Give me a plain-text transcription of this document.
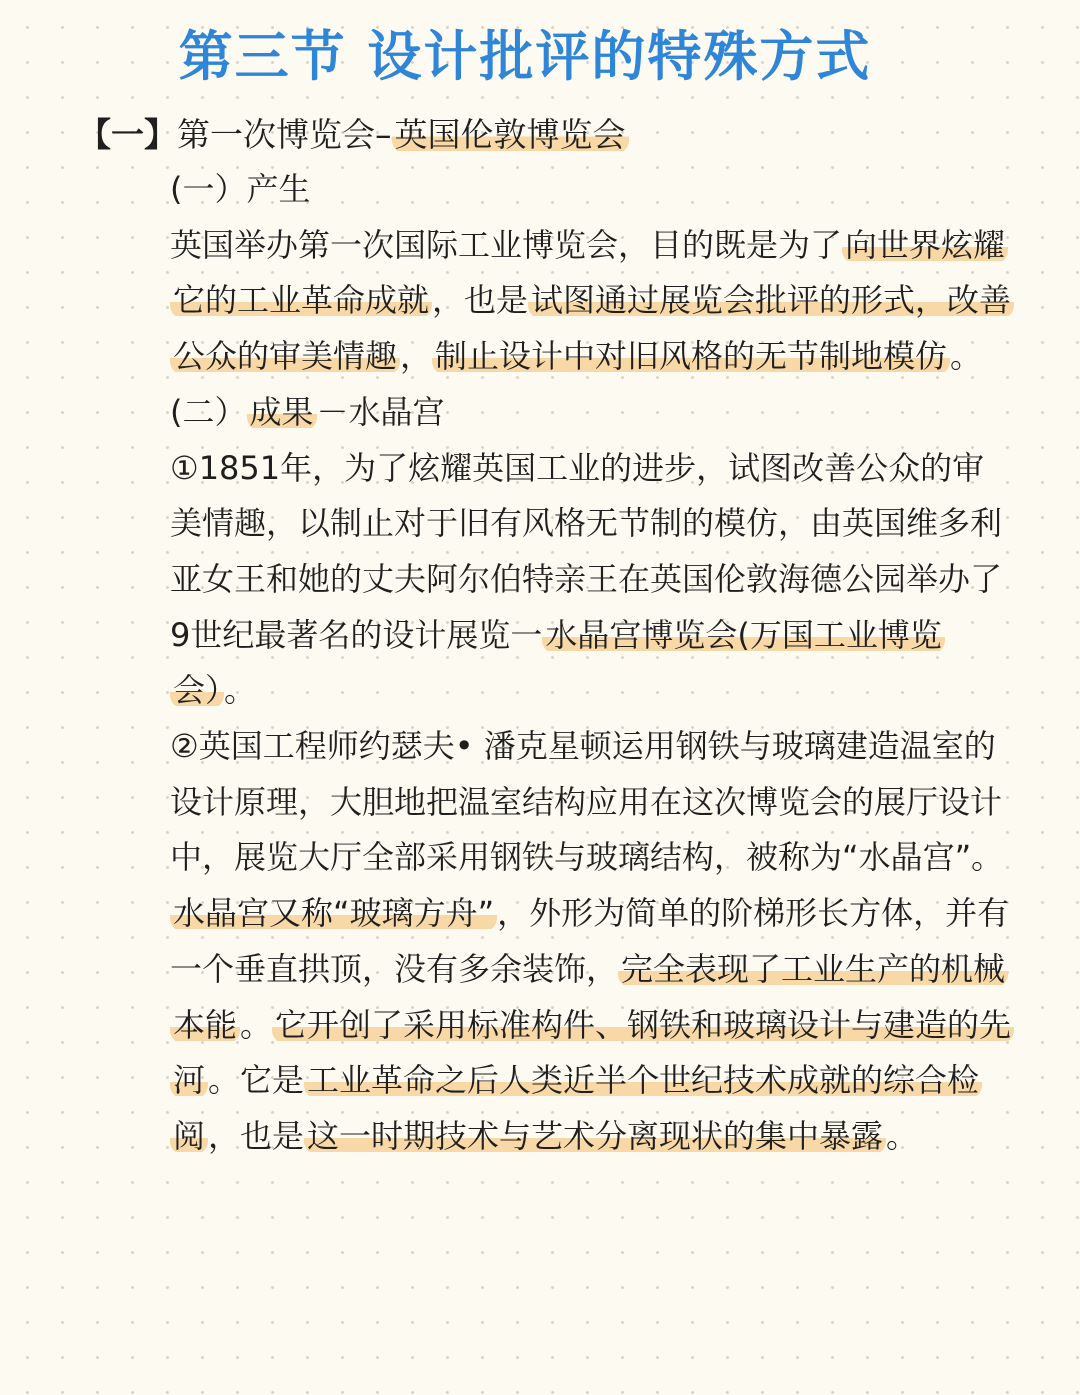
第三节 设计批评的特殊方式
【一】第一次博览会–英国伦敦博览会

(一）产生

英国举办第一次国际工业博览会，目的既是为了向世界炫耀它的工业革命成就，也是试图通过展览会批评的形式，改善公众的审美情趣，制止设计中对旧风格的无节制地模仿。

(二）成果－水晶宫

①1851年，为了炫耀英国工业的进步，试图改善公众的审美情趣，以制止对于旧有风格无节制的模仿，由英国维多利亚女王和她的丈夫阿尔伯特亲王在英国伦敦海德公园举办了9世纪最著名的设计展览一水晶宫博览会(万国工业博览会）。

②英国工程师约瑟夫• 潘克星顿运用钢铁与玻璃建造温室的设计原理，大胆地把温室结构应用在这次博览会的展厅设计中，展览大厅全部采用钢铁与玻璃结构，被称为“水晶宫”。水晶宫又称“玻璃方舟”，外形为简单的阶梯形长方体，并有一个垂直拱顶，没有多余装饰，完全表现了工业生产的机械本能。它开创了采用标准构件、钢铁和玻璃设计与建造的先河。它是工业革命之后人类近半个世纪技术成就的综合检阅，也是这一时期技术与艺术分离现状的集中暴露。
